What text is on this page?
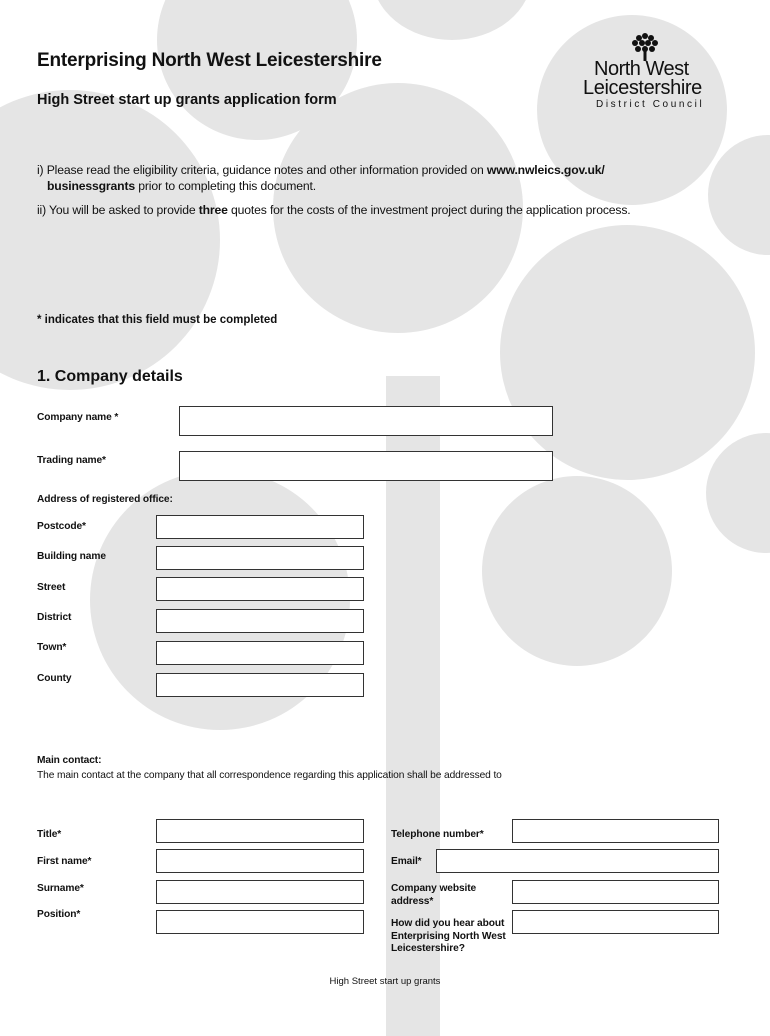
Enterprising North West Leicestershire
High Street start up grants application form
North West
Leicestershire
District Council
i) Please read the eligibility criteria, guidance notes and other information provided on www.nwleics.gov.uk/
businessgrants prior to completing this document.
ii) You will be asked to provide three quotes for the costs of the investment project during the application process.
* indicates that this field must be completed
1. Company details
Company name *
Trading name*
Address of registered office:
Postcode*
Building name
Street
District
Town*
County
Main contact:
The main contact at the company that all correspondence regarding this application shall be addressed to
Title*
First name*
Surname*
Position*
Telephone number*
Email*
Company website address*
How did you hear about Enterprising North West Leicestershire?
High Street start up grants
